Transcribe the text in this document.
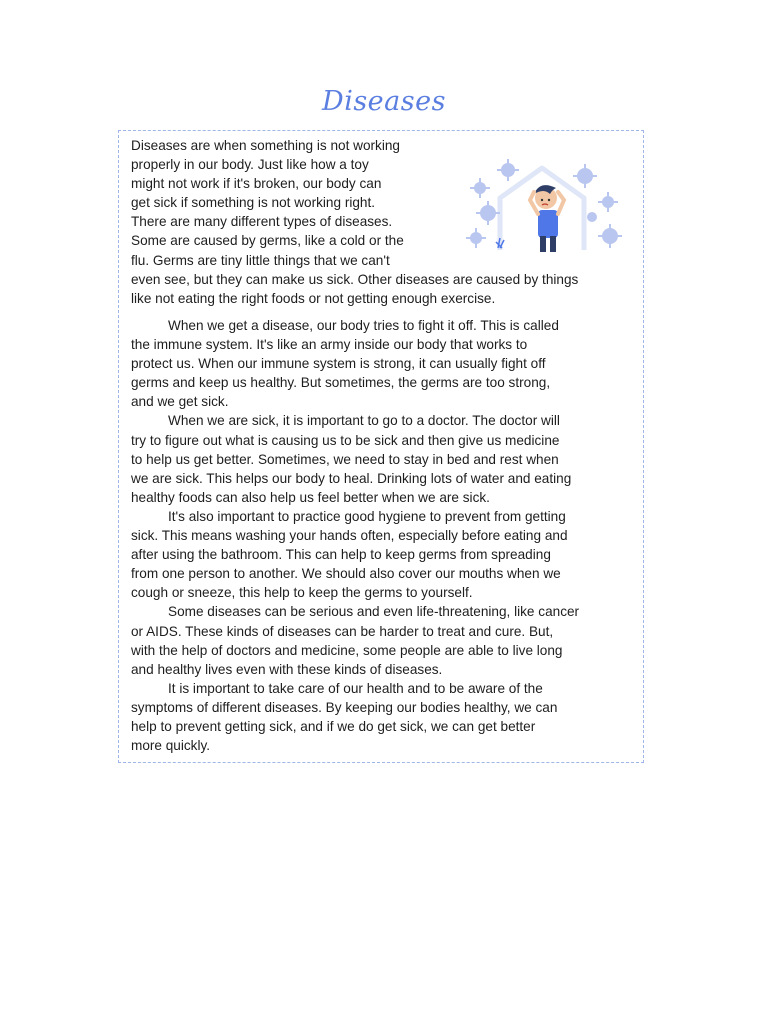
Diseases
Diseases are when something is not working
properly in our body. Just like how a toy
might not work if it's broken, our body can
get sick if something is not working right.
There are many different types of diseases.
Some are caused by germs, like a cold or the
flu. Germs are tiny little things that we can't
even see, but they can make us sick. Other diseases are caused by things
like not eating the right foods or not getting enough exercise.
When we get a disease, our body tries to fight it off. This is called
the immune system. It's like an army inside our body that works to
protect us. When our immune system is strong, it can usually fight off
germs and keep us healthy. But sometimes, the germs are too strong,
and we get sick.
When we are sick, it is important to go to a doctor. The doctor will
try to figure out what is causing us to be sick and then give us medicine
to help us get better. Sometimes, we need to stay in bed and rest when
we are sick. This helps our body to heal. Drinking lots of water and eating
healthy foods can also help us feel better when we are sick.
It's also important to practice good hygiene to prevent from getting
sick. This means washing your hands often, especially before eating and
after using the bathroom. This can help to keep germs from spreading
from one person to another. We should also cover our mouths when we
cough or sneeze, this help to keep the germs to yourself.
Some diseases can be serious and even life-threatening, like cancer
or AIDS. These kinds of diseases can be harder to treat and cure. But,
with the help of doctors and medicine, some people are able to live long
and healthy lives even with these kinds of diseases.
It is important to take care of our health and to be aware of the
symptoms of different diseases. By keeping our bodies healthy, we can
help to prevent getting sick, and if we do get sick, we can get better
more quickly.
